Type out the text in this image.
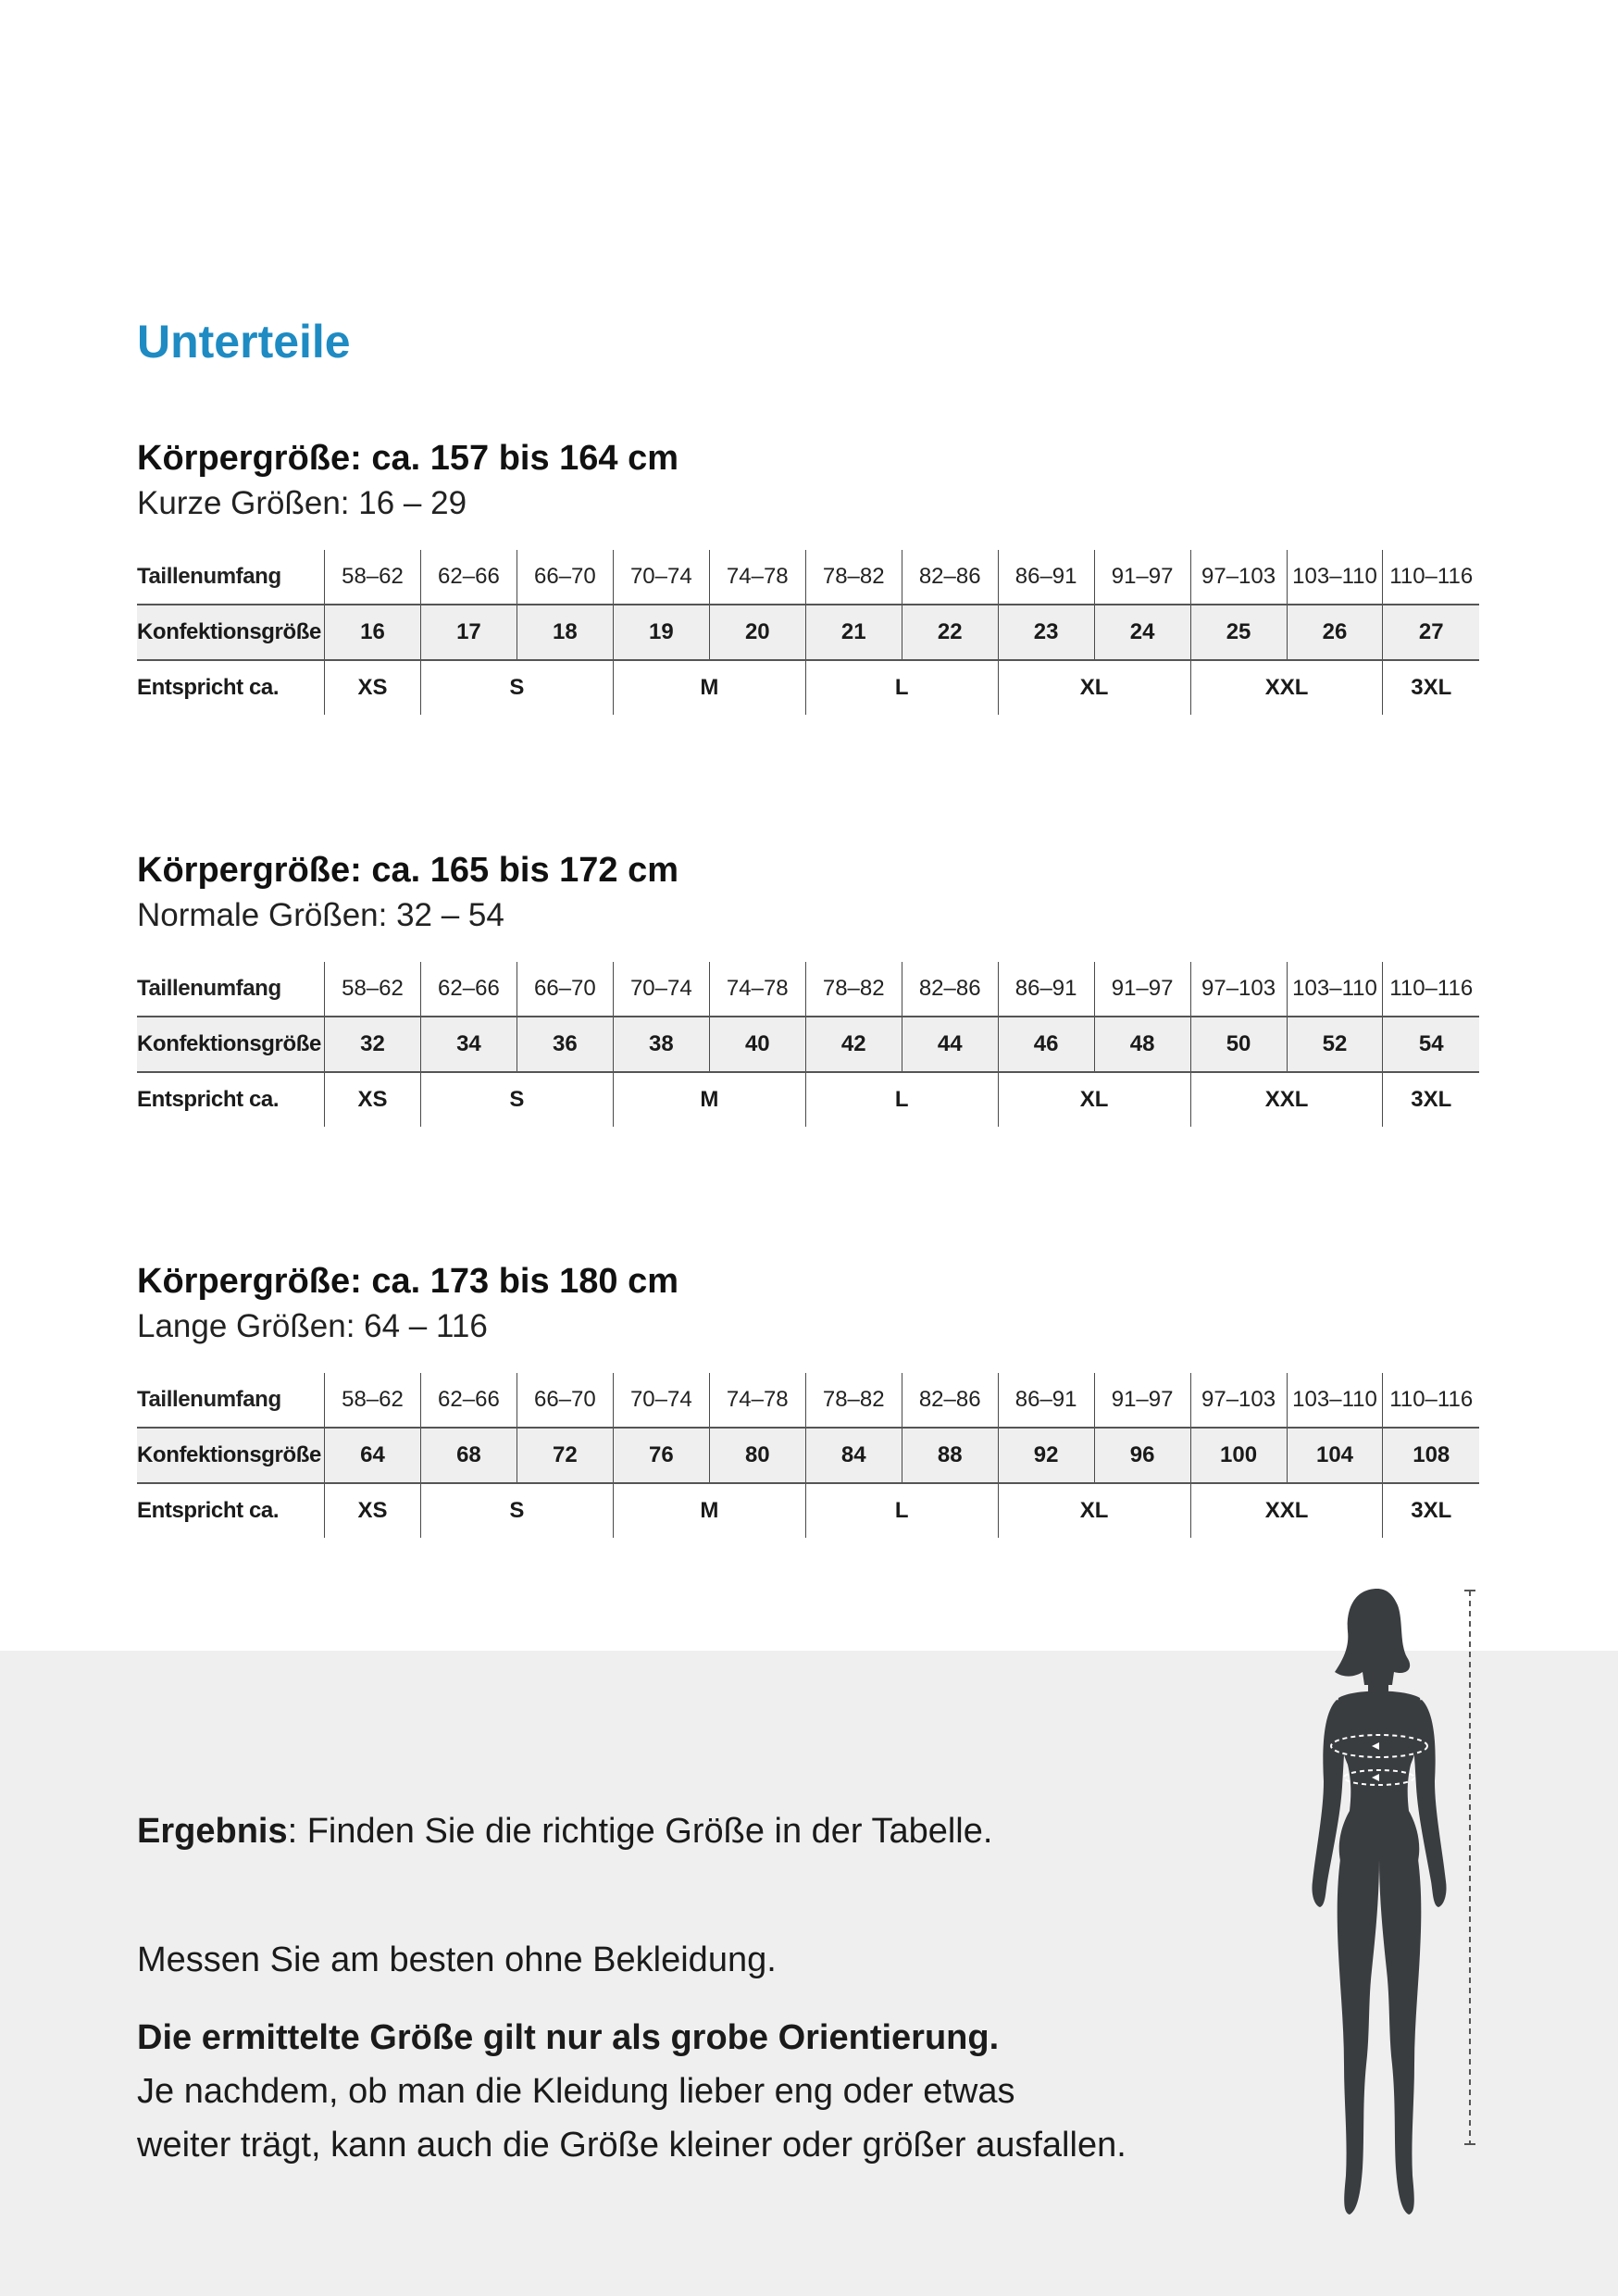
Unterteile
Körpergröße: ca. 157 bis 164 cm

Kurze Größen: 16 – 29

Taillenumfang	58–62	62–66	66–70	70–74	74–78	78–82	82–86	86–91	91–97	97–103	103–110	110–116
Konfektionsgröße	16	17	18	19	20	21	22	23	24	25	26	27
Entspricht ca.	XS	S		M		L		XL		XXL		3XL
Körpergröße: ca. 165 bis 172 cm

Normale Größen: 32 – 54

Taillenumfang	58–62	62–66	66–70	70–74	74–78	78–82	82–86	86–91	91–97	97–103	103–110	110–116
Konfektionsgröße	32	34	36	38	40	42	44	46	48	50	52	54
Entspricht ca.	XS	S		M		L		XL		XXL		3XL
Körpergröße: ca. 173 bis 180 cm

Lange Größen: 64 – 116

Taillenumfang	58–62	62–66	66–70	70–74	74–78	78–82	82–86	86–91	91–97	97–103	103–110	110–116
Konfektionsgröße	64	68	72	76	80	84	88	92	96	100	104	108
Entspricht ca.	XS	S		M		L		XL		XXL		3XL

Ergebnis: Finden Sie die richtige Größe in der Tabelle.

Messen Sie am besten ohne Bekleidung.

Die ermittelte Größe gilt nur als grobe Orientierung.

Je nachdem, ob man die Kleidung lieber eng oder etwas

weiter trägt, kann auch die Größe kleiner oder größer ausfallen.
